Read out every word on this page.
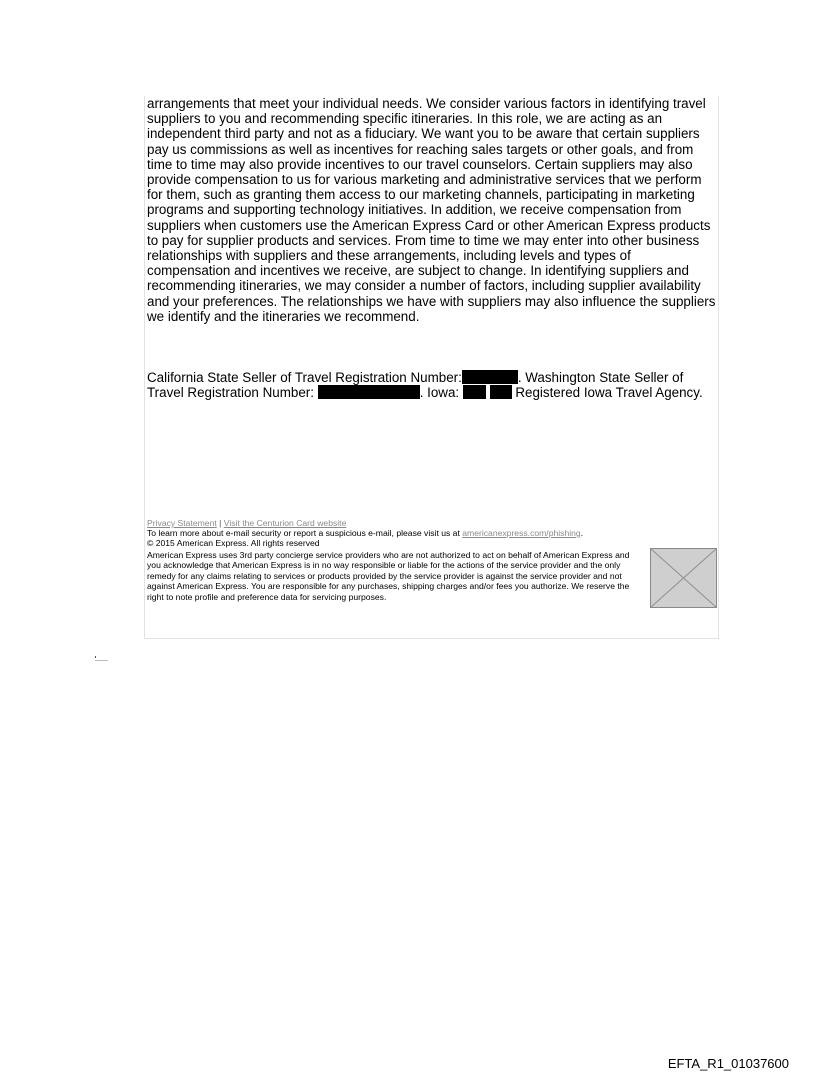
arrangements that meet your individual needs. We consider various factors in identifying travel suppliers to you and recommending specific itineraries. In this role, we are acting as an independent third party and not as a fiduciary. We want you to be aware that certain suppliers pay us commissions as well as incentives for reaching sales targets or other goals, and from time to time may also provide incentives to our travel counselors. Certain suppliers may also provide compensation to us for various marketing and administrative services that we perform for them, such as granting them access to our marketing channels, participating in marketing programs and supporting technology initiatives. In addition, we receive compensation from suppliers when customers use the American Express Card or other American Express products to pay for supplier products and services. From time to time we may enter into other business relationships with suppliers and these arrangements, including levels and types of compensation and incentives we receive, are subject to change. In identifying suppliers and recommending itineraries, we may consider a number of factors, including supplier availability and your preferences. The relationships we have with suppliers may also influence the suppliers we identify and the itineraries we recommend.

California State Seller of Travel Registration Number:	. Washington State Seller of Travel Registration Number:	. Iowa:	Registered Iowa Travel Agency.

Privacy Statement | Visit the Centurion Card website
To learn more about e-mail security or report a suspicious e-mail, please visit us at americanexpress.com/phishing.
© 2015 American Express. All rights reserved
American Express uses 3rd party concierge service providers who are not authorized to act on behalf of American Express and you acknowledge that American Express is in no way responsible or liable for the actions of the service provider and the only remedy for any claims relating to services or products provided by the service provider is against the service provider and not against American Express. You are responsible for any purchases, shipping charges and/or fees you authorize. We reserve the right to note profile and preference data for servicing purposes.
EFTA_R1_01037600
